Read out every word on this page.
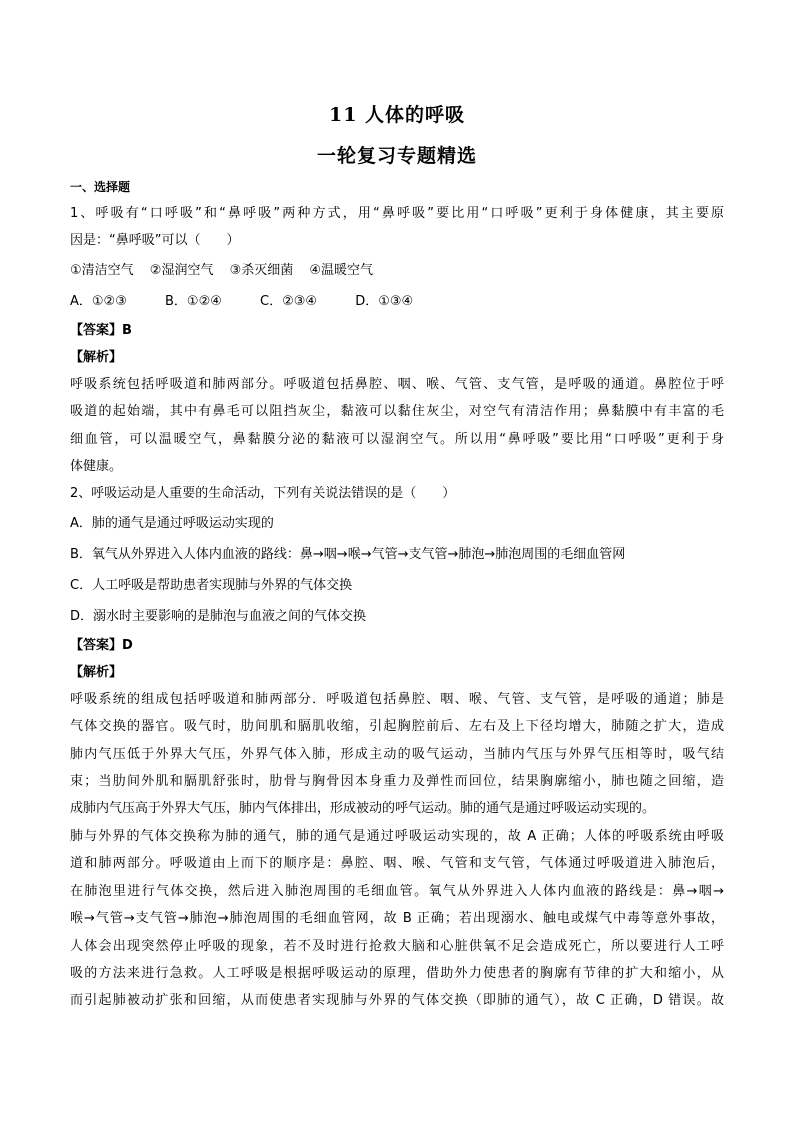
11 人体的呼吸
一轮复习专题精选
一、选择题

1、呼吸有“口呼吸”和“鼻呼吸”两种方式，用“鼻呼吸”要比用“口呼吸”更利于身体健康，其主要原

因是：“鼻呼吸”可以（　　）

①清洁空气 ②湿润空气 ③杀灭细菌 ④温暖空气

A．①②③	B．①②④	C．②③④	D．①③④

【答案】B

【解析】

呼吸系统包括呼吸道和肺两部分。呼吸道包括鼻腔、咽、喉、气管、支气管，是呼吸的通道。鼻腔位于呼

吸道的起始端，其中有鼻毛可以阻挡灰尘，黏液可以黏住灰尘，对空气有清洁作用；鼻黏膜中有丰富的毛

细血管，可以温暖空气，鼻黏膜分泌的黏液可以湿润空气。所以用“鼻呼吸”要比用“口呼吸”更利于身

体健康。

2、呼吸运动是人重要的生命活动，下列有关说法错误的是（　　）

A．肺的通气是通过呼吸运动实现的

B．氧气从外界进入人体内血液的路线：鼻→咽→喉→气管→支气管→肺泡→肺泡周围的毛细血管网

C．人工呼吸是帮助患者实现肺与外界的气体交换

D．溺水时主要影响的是肺泡与血液之间的气体交换

【答案】D

【解析】

呼吸系统的组成包括呼吸道和肺两部分．呼吸道包括鼻腔、咽、喉、气管、支气管，是呼吸的通道；肺是

气体交换的器官。吸气时，肋间肌和膈肌收缩，引起胸腔前后、左右及上下径均增大，肺随之扩大，造成

肺内气压低于外界大气压，外界气体入肺，形成主动的吸气运动，当肺内气压与外界气压相等时，吸气结

束；当肋间外肌和膈肌舒张时，肋骨与胸骨因本身重力及弹性而回位，结果胸廓缩小，肺也随之回缩，造

成肺内气压高于外界大气压，肺内气体排出，形成被动的呼气运动。肺的通气是通过呼吸运动实现的。

肺与外界的气体交换称为肺的通气，肺的通气是通过呼吸运动实现的，故 A 正确；人体的呼吸系统由呼吸

道和肺两部分。呼吸道由上而下的顺序是：鼻腔、咽、喉、气管和支气管，气体通过呼吸道进入肺泡后，

在肺泡里进行气体交换，然后进入肺泡周围的毛细血管。氧气从外界进入人体内血液的路线是：鼻→咽→

喉→气管→支气管→肺泡→肺泡周围的毛细血管网，故 B 正确；若出现溺水、触电或煤气中毒等意外事故，

人体会出现突然停止呼吸的现象，若不及时进行抢救大脑和心脏供氧不足会造成死亡，所以要进行人工呼

吸的方法来进行急救。人工呼吸是根据呼吸运动的原理，借助外力使患者的胸廓有节律的扩大和缩小，从

而引起肺被动扩张和回缩，从而使患者实现肺与外界的气体交换（即肺的通气），故 C 正确，D 错误。故
